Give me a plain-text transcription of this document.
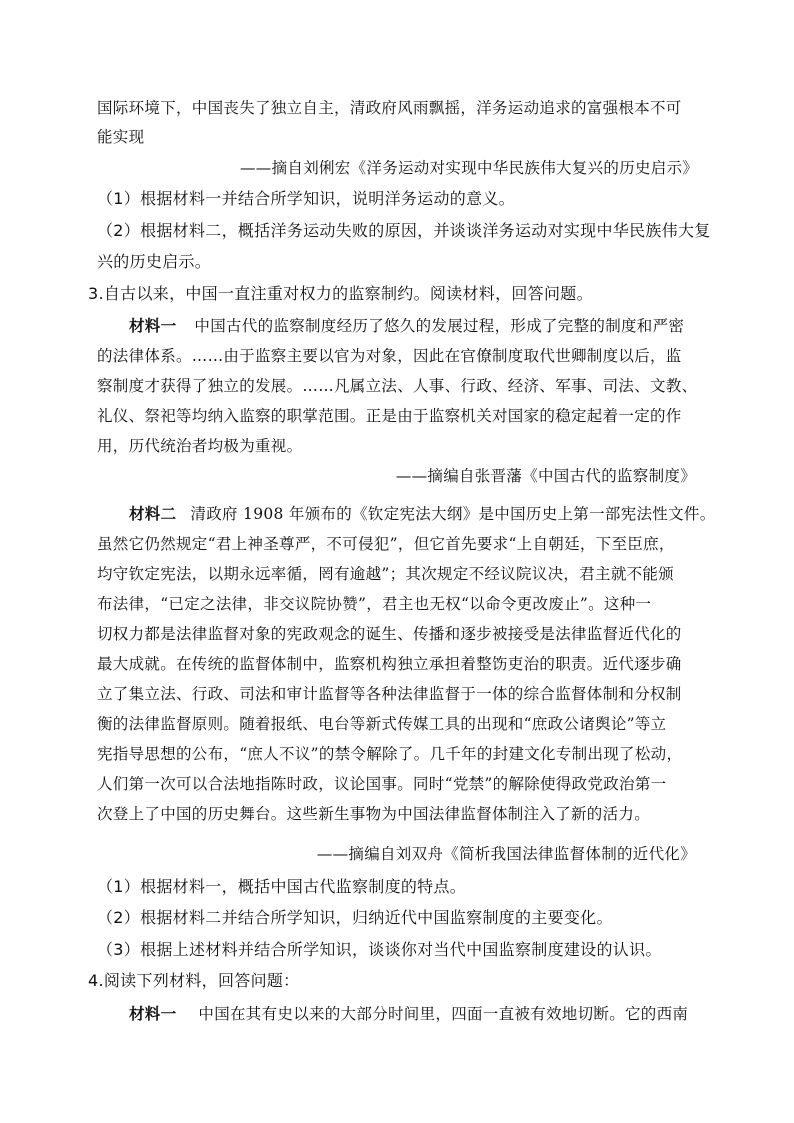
国际环境下，中国丧失了独立自主，清政府风雨飘摇，洋务运动追求的富强根本不可
能实现
——摘自刘俐宏《洋务运动对实现中华民族伟大复兴的历史启示》
（1）根据材料一并结合所学知识，说明洋务运动的意义。
（2）根据材料二，概括洋务运动失败的原因，并谈谈洋务运动对实现中华民族伟大复
兴的历史启示。
3.自古以来，中国一直注重对权力的监察制约。阅读材料，回答问题。
材料一 中国古代的监察制度经历了悠久的发展过程，形成了完整的制度和严密
的法律体系。……由于监察主要以官为对象，因此在官僚制度取代世卿制度以后，监
察制度才获得了独立的发展。……凡属立法、人事、行政、经济、军事、司法、文教、
礼仪、祭祀等均纳入监察的职掌范围。正是由于监察机关对国家的稳定起着一定的作
用，历代统治者均极为重视。
——摘编自张晋藩《中国古代的监察制度》
材料二 清政府 1908 年颁布的《钦定宪法大纲》是中国历史上第一部宪法性文件。
虽然它仍然规定“君上神圣尊严，不可侵犯”，但它首先要求“上自朝廷，下至臣庶，
均守钦定宪法，以期永远率循，罔有逾越”；其次规定不经议院议决，君主就不能颁
布法律，“已定之法律，非交议院协赞”，君主也无权“以命令更改废止”。这种一
切权力都是法律监督对象的宪政观念的诞生、传播和逐步被接受是法律监督近代化的
最大成就。在传统的监督体制中，监察机构独立承担着整饬吏治的职责。近代逐步确
立了集立法、行政、司法和审计监督等各种法律监督于一体的综合监督体制和分权制
衡的法律监督原则。随着报纸、电台等新式传媒工具的出现和“庶政公诸舆论”等立
宪指导思想的公布，“庶人不议”的禁令解除了。几千年的封建文化专制出现了松动，
人们第一次可以合法地指陈时政，议论国事。同时“党禁”的解除使得政党政治第一
次登上了中国的历史舞台。这些新生事物为中国法律监督体制注入了新的活力。
——摘编自刘双舟《简析我国法律监督体制的近代化》
（1）根据材料一，概括中国古代监察制度的特点。
（2）根据材料二并结合所学知识，归纳近代中国监察制度的主要变化。
（3）根据上述材料并结合所学知识，谈谈你对当代中国监察制度建设的认识。
4.阅读下列材料，回答问题：
材料一 中国在其有史以来的大部分时间里，四面一直被有效地切断。它的西南
